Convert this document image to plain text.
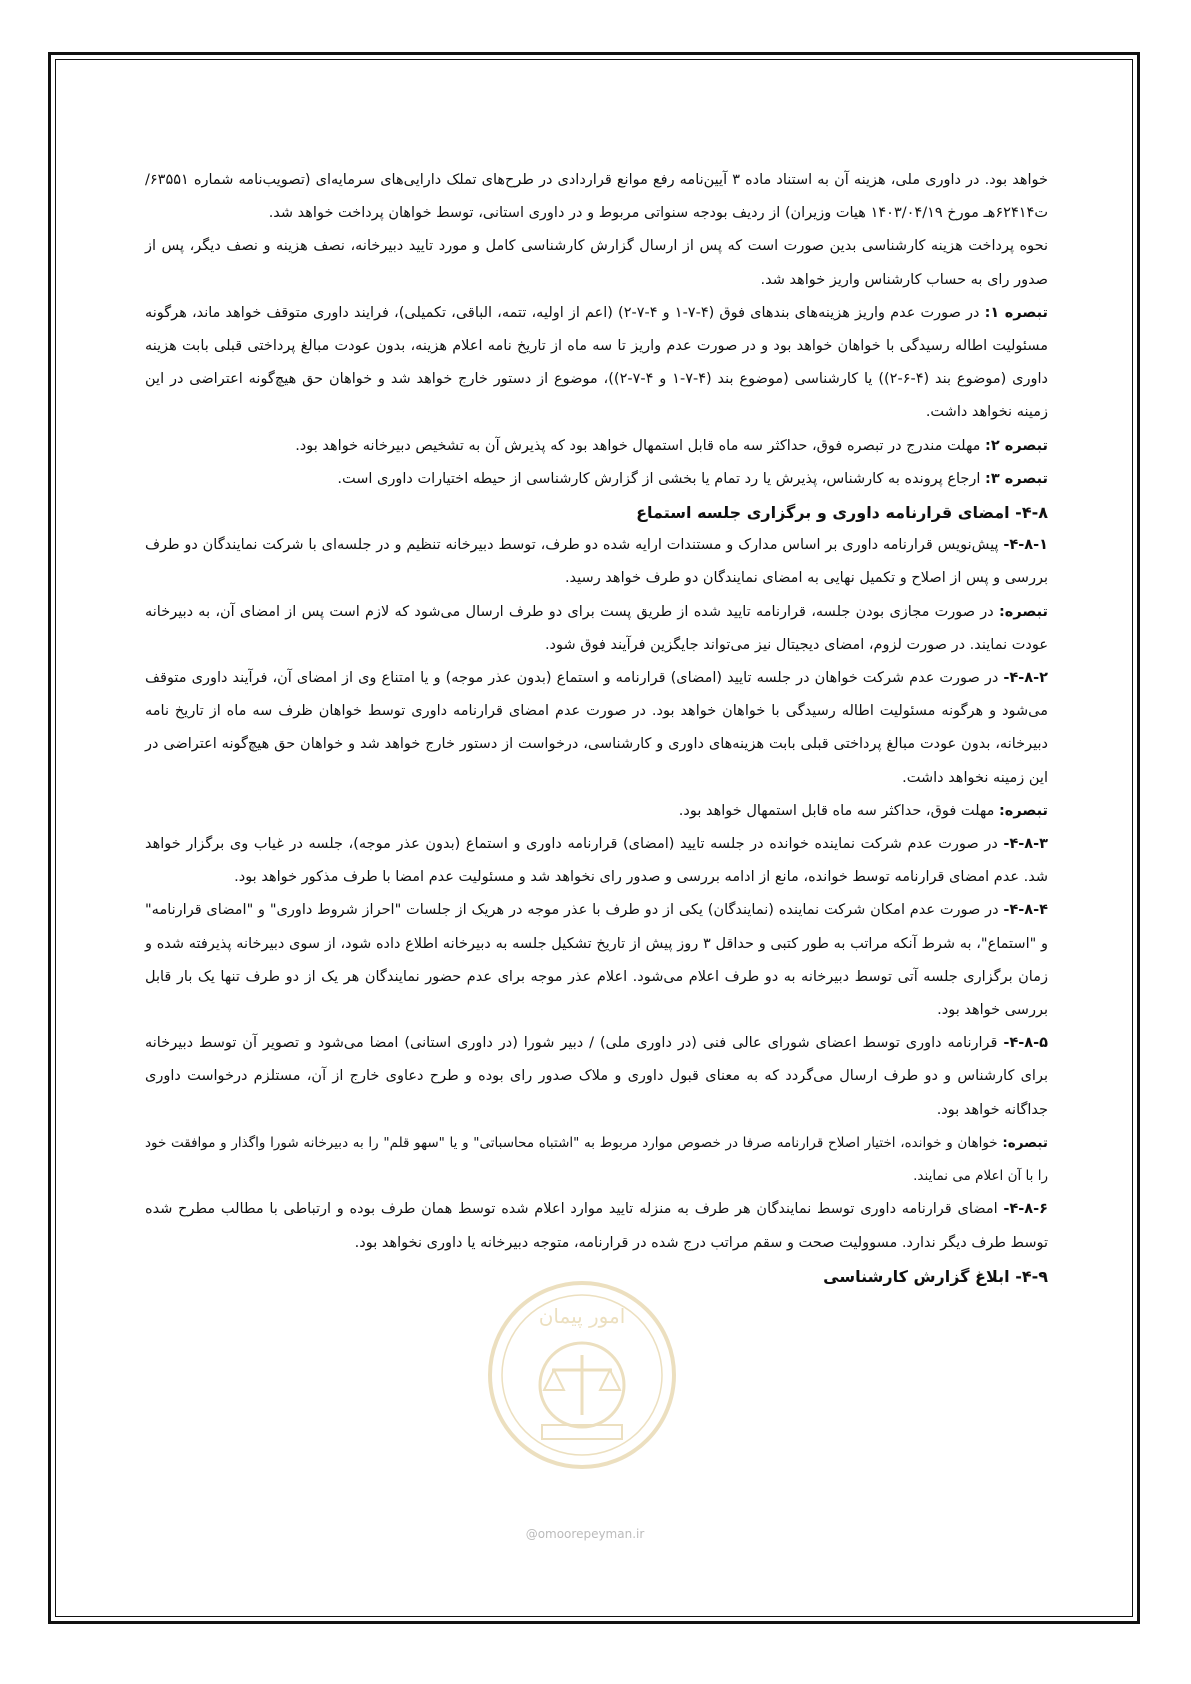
امور پیمان
@omoorepeyman.ir

خواهد بود. در داوری ملی، هزینه آن به استناد ماده ۳ آیین‌نامه رفع موانع قراردادی در طرح‌های تملک دارایی‌های سرمایه‌ای (تصویب‌نامه شماره ۶۳۵۵۱/ت۶۲۴۱۴هـ مورخ ۱۴۰۳/۰۴/۱۹ هیات وزیران) از ردیف بودجه سنواتی مربوط و در داوری استانی، توسط خواهان پرداخت خواهد شد.

نحوه پرداخت هزینه کارشناسی بدین صورت است که پس از ارسال گزارش کارشناسی کامل و مورد تایید دبیرخانه، نصف هزینه و نصف دیگر، پس از صدور رای به حساب کارشناس واریز خواهد شد.

تبصره ۱: در صورت عدم واریز هزینه‌های بندهای فوق (۴-۷-۱ و ۴-۷-۲) (اعم از اولیه، تتمه، الباقی، تکمیلی)، فرایند داوری متوقف خواهد ماند، هرگونه مسئولیت اطاله رسیدگی با خواهان خواهد بود و در صورت عدم واریز تا سه ماه از تاریخ نامه اعلام هزینه، بدون عودت مبالغ پرداختی قبلی بابت هزینه داوری (موضوع بند (۴-۶-۲)) یا کارشناسی (موضوع بند (۴-۷-۱ و ۴-۷-۲))، موضوع از دستور خارج خواهد شد و خواهان حق هیچ‌گونه اعتراضی در این زمینه نخواهد داشت.

تبصره ۲: مهلت مندرج در تبصره فوق، حداکثر سه ماه قابل استمهال خواهد بود که پذیرش آن به تشخیص دبیرخانه خواهد بود.

تبصره ۳: ارجاع پرونده به کارشناس، پذیرش یا رد تمام یا بخشی از گزارش کارشناسی از حیطه اختیارات داوری است.

۴-۸- امضای قرارنامه داوری و برگزاری جلسه استماع

۴-۸-۱- پیش‌نویس قرارنامه داوری بر اساس مدارک و مستندات ارایه شده دو طرف، توسط دبیرخانه تنظیم و در جلسه‌ای با شرکت نمایندگان دو طرف بررسی و پس از اصلاح و تکمیل نهایی به امضای نمایندگان دو طرف خواهد رسید.

تبصره: در صورت مجازی بودن جلسه، قرارنامه تایید شده از طریق پست برای دو طرف ارسال می‌شود که لازم است پس از امضای آن، به دبیرخانه عودت نمایند. در صورت لزوم، امضای دیجیتال نیز می‌تواند جایگزین فرآیند فوق شود.

۴-۸-۲- در صورت عدم شرکت خواهان در جلسه تایید (امضای) قرارنامه و استماع (بدون عذر موجه) و یا امتناع وی از امضای آن، فرآیند داوری متوقف می‌شود و هرگونه مسئولیت اطاله رسیدگی با خواهان خواهد بود. در صورت عدم امضای قرارنامه داوری توسط خواهان ظرف سه ماه از تاریخ نامه دبیرخانه، بدون عودت مبالغ پرداختی قبلی بابت هزینه‌های داوری و کارشناسی، درخواست از دستور خارج خواهد شد و خواهان حق هیچ‌گونه اعتراضی در این زمینه نخواهد داشت.

تبصره: مهلت فوق، حداکثر سه ماه قابل استمهال خواهد بود.

۴-۸-۳- در صورت عدم شرکت نماینده خوانده در جلسه تایید (امضای) قرارنامه داوری و استماع (بدون عذر موجه)، جلسه در غیاب وی برگزار خواهد شد. عدم امضای قرارنامه توسط خوانده، مانع از ادامه بررسی و صدور رای نخواهد شد و مسئولیت عدم امضا با طرف مذکور خواهد بود.

۴-۸-۴- در صورت عدم امکان شرکت نماینده (نمایندگان) یکی از دو طرف با عذر موجه در هریک از جلسات "احراز شروط داوری" و "امضای قرارنامه" و "استماع"، به شرط آنکه مراتب به طور کتبی و حداقل ۳ روز پیش از تاریخ تشکیل جلسه به دبیرخانه اطلاع داده شود، از سوی دبیرخانه پذیرفته شده و زمان برگزاری جلسه آتی توسط دبیرخانه به دو طرف اعلام می‌شود. اعلام عذر موجه برای عدم حضور نمایندگان هر یک از دو طرف تنها یک بار قابل بررسی خواهد بود.

۴-۸-۵- قرارنامه داوری توسط اعضای شورای عالی فنی (در داوری ملی) / دبیر شورا (در داوری استانی) امضا می‌شود و تصویر آن توسط دبیرخانه برای کارشناس و دو طرف ارسال می‌گردد که به معنای قبول داوری و ملاک صدور رای بوده و طرح دعاوی خارج از آن، مستلزم درخواست داوری جداگانه خواهد بود.

تبصره: خواهان و خوانده، اختیار اصلاح قرارنامه صرفا در خصوص موارد مربوط به "اشتباه محاسباتی" و یا "سهو قلم" را به دبیرخانه شورا واگذار و موافقت خود را با آن اعلام می نمایند.

۴-۸-۶- امضای قرارنامه داوری توسط نمایندگان هر طرف به منزله تایید موارد اعلام شده توسط همان طرف بوده و ارتباطی با مطالب مطرح شده توسط طرف دیگر ندارد. مسوولیت صحت و سقم مراتب درج شده در قرارنامه، متوجه دبیرخانه یا داوری نخواهد بود.

۴-۹- ابلاغ گزارش کارشناسی
